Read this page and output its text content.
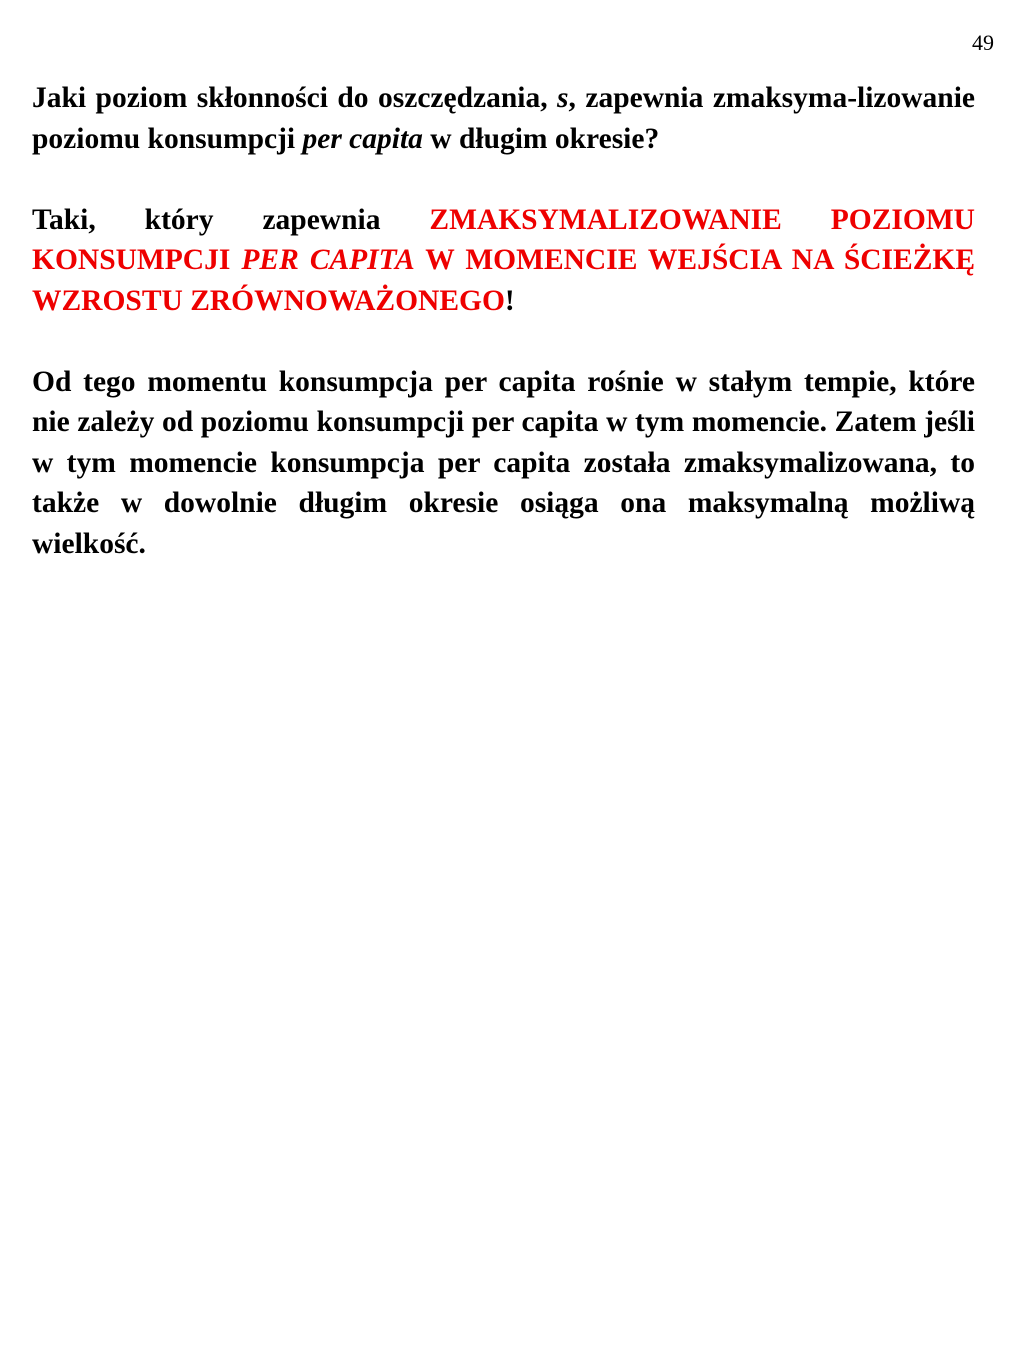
49

Jaki poziom skłonności do oszczędzania, s, zapewnia zmaksyma-lizowanie poziomu konsumpcji per capita w długim okresie?

Taki, który zapewnia ZMAKSYMALIZOWANIE POZIOMU KONSUMPCJI PER CAPITA W MOMENCIE WEJŚCIA NA ŚCIEŻKĘ WZROSTU ZRÓWNOWAŻONEGO!

Od tego momentu konsumpcja per capita rośnie w stałym tempie, które nie zależy od poziomu konsumpcji per capita w tym momencie. Zatem jeśli w tym momencie konsumpcja per capita została zmaksymalizowana, to także w dowolnie długim okresie osiąga ona maksymalną możliwą wielkość.
